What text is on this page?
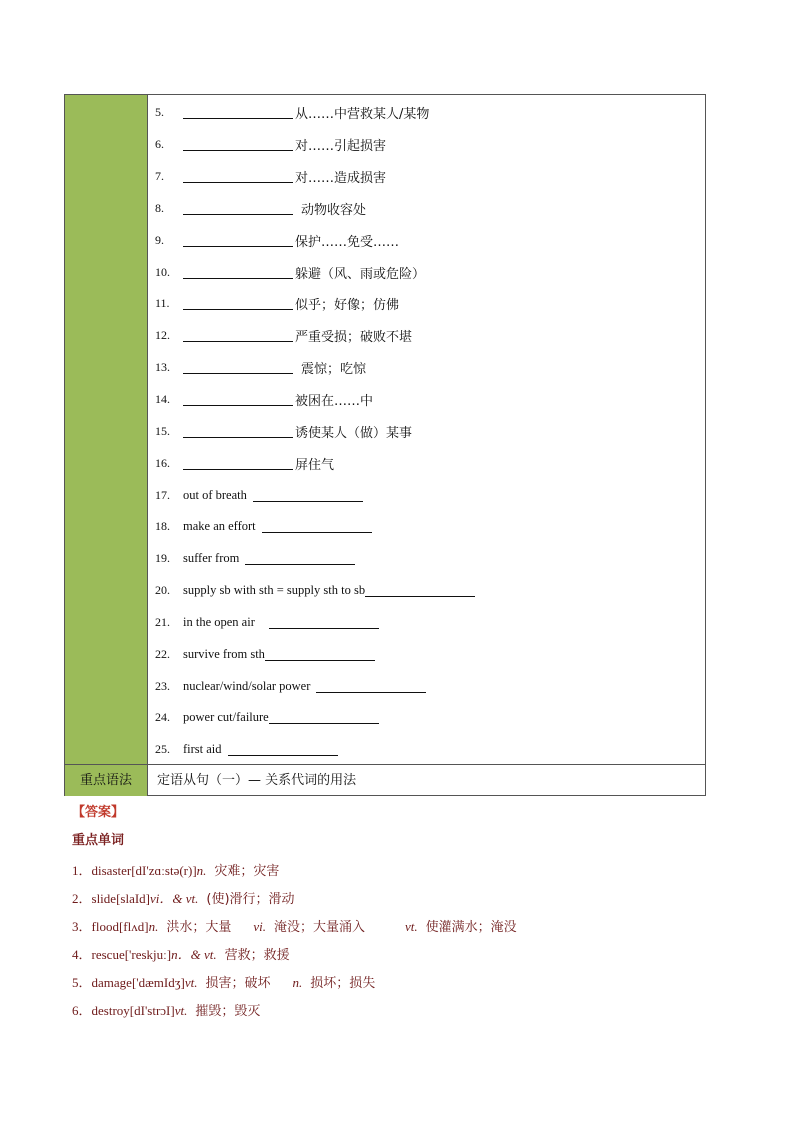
5.	从……中营救某人/某物
6.	对……引起损害
7.	对……造成损害
8.	动物收容处
9.	保护……免受……
10.	躲避（风、雨或危险）
11.	似乎；好像；仿佛
12.	严重受损；破败不堪
13.	震惊；吃惊
14.	被困在……中
15.	诱使某人（做）某事
16.	屏住气
17.	out of breath
18.	make an effort
19.	suffer from
20.	supply sb with sth = supply sth to sb
21.	in the open air
22.	survive from sth
23.	nuclear/wind/solar power
24.	power cut/failure
25.	first aid
重点语法	定语从句（一）— 关系代词的用法
【答案】
重点单词
1．disaster[dI'zɑːstə(r)]n. 灾难；灾害
2．slide[slaId]vi．& vt. (使)滑行；滑动
3．flood[flʌd]n. 洪水；大量 vi. 淹没；大量涌入	vt. 使灌满水；淹没
4．rescue['reskjuː]n．& vt. 营救；救援
5．damage['dæmIdʒ]vt. 损害；破坏 n. 损坏；损失
6．destroy[dI'strɔI]vt. 摧毁；毁灭
